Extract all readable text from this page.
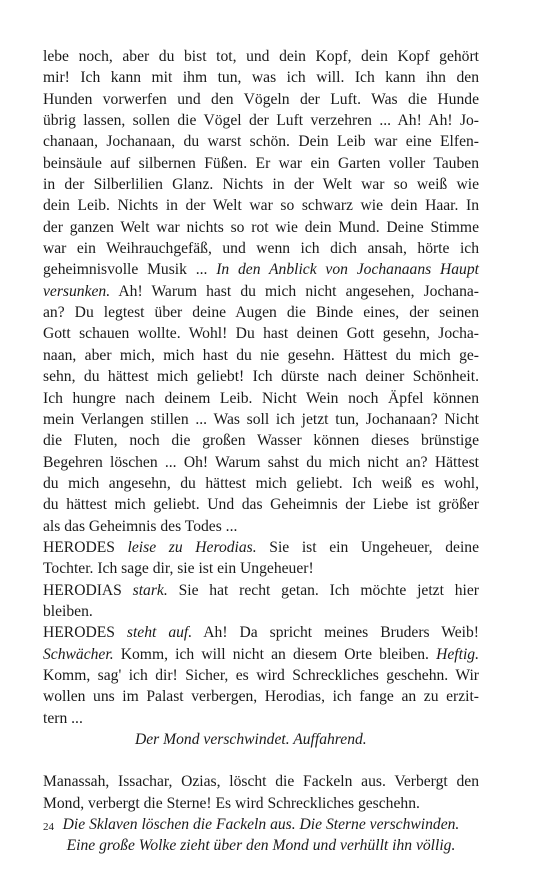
lebe noch, aber du bist tot, und dein Kopf, dein Kopf gehört
mir! Ich kann mit ihm tun, was ich will. Ich kann ihn den
Hunden vorwerfen und den Vögeln der Luft. Was die Hunde
übrig lassen, sollen die Vögel der Luft verzehren ... Ah! Ah! Jo-
chanaan, Jochanaan, du warst schön. Dein Leib war eine Elfen-
beinsäule auf silbernen Füßen. Er war ein Garten voller Tauben
in der Silberlilien Glanz. Nichts in der Welt war so weiß wie
dein Leib. Nichts in der Welt war so schwarz wie dein Haar. In
der ganzen Welt war nichts so rot wie dein Mund. Deine Stimme
war ein Weihrauchgefäß, und wenn ich dich ansah, hörte ich
geheimnisvolle Musik ... In den Anblick von Jochanaans Haupt
versunken. Ah! Warum hast du mich nicht angesehen, Jochana-
an? Du legtest über deine Augen die Binde eines, der seinen
Gott schauen wollte. Wohl! Du hast deinen Gott gesehn, Jocha-
naan, aber mich, mich hast du nie gesehn. Hättest du mich ge-
sehn, du hättest mich geliebt! Ich dürste nach deiner Schönheit.
Ich hungre nach deinem Leib. Nicht Wein noch Äpfel können
mein Verlangen stillen ... Was soll ich jetzt tun, Jochanaan? Nicht
die Fluten, noch die großen Wasser können dieses brünstige
Begehren löschen ... Oh! Warum sahst du mich nicht an? Hättest
du mich angesehn, du hättest mich geliebt. Ich weiß es wohl,
du hättest mich geliebt. Und das Geheimnis der Liebe ist größer
als das Geheimnis des Todes ...
HERODES leise zu Herodias. Sie ist ein Ungeheuer, deine
Tochter. Ich sage dir, sie ist ein Ungeheuer!
HERODIAS stark. Sie hat recht getan. Ich möchte jetzt hier
bleiben.
HERODES steht auf. Ah! Da spricht meines Bruders Weib!
Schwächer. Komm, ich will nicht an diesem Orte bleiben. Heftig.
Komm, sag' ich dir! Sicher, es wird Schreckliches geschehn. Wir
wollen uns im Palast verbergen, Herodias, ich fange an zu erzit-
tern ...
Der Mond verschwindet. Auffahrend.
Manassah, Issachar, Ozias, löscht die Fackeln aus. Verbergt den
Mond, verbergt die Sterne! Es wird Schreckliches geschehn.
Die Sklaven löschen die Fackeln aus. Die Sterne verschwinden.
Eine große Wolke zieht über den Mond und verhüllt ihn völlig.
24
